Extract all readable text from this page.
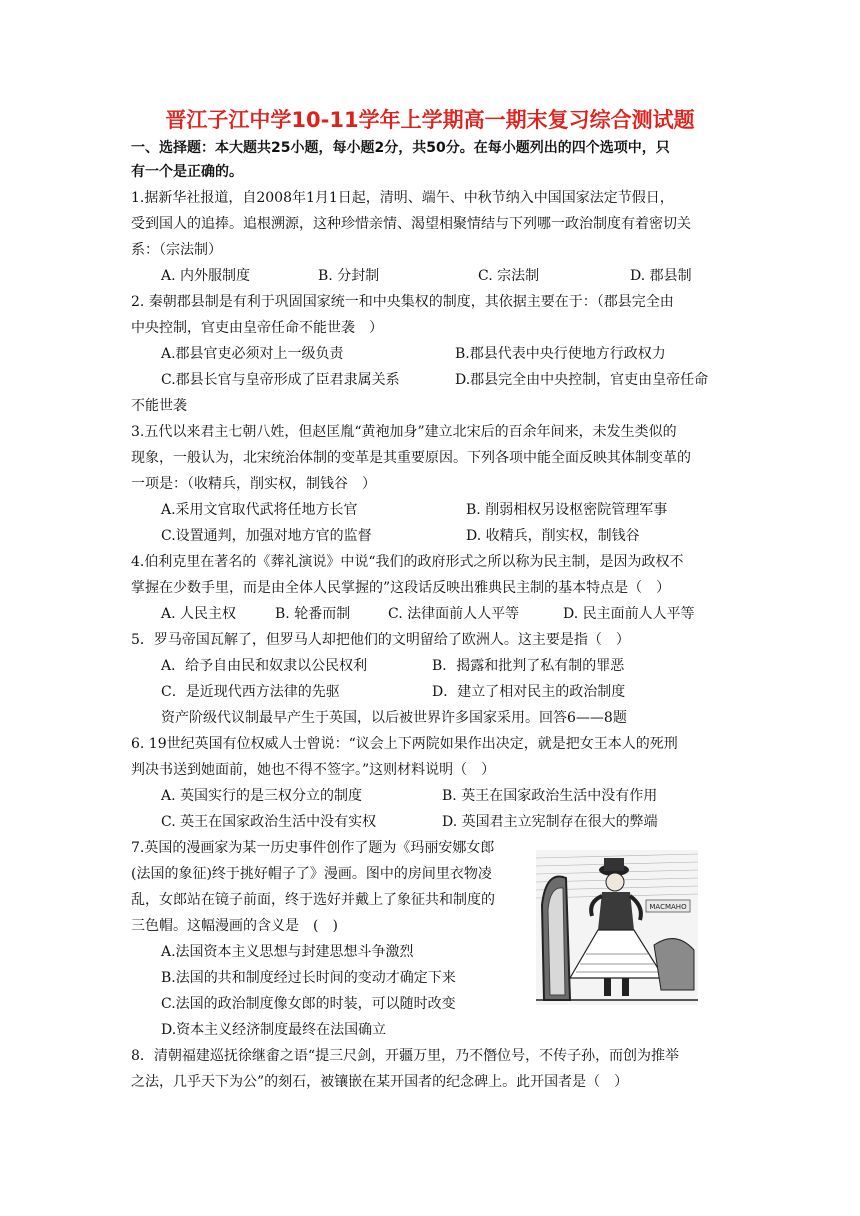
晋江子江中学10-11学年上学期高一期末复习综合测试题
一、选择题：本大题共25小题，每小题2分，共50分。在每小题列出的四个选项中，只
有一个是正确的。
1.据新华社报道，自2008年1月1日起，清明、端午、中秋节纳入中国国家法定节假日，
受到国人的追捧。追根溯源，这种珍惜亲情、渴望相聚情结与下列哪一政治制度有着密切关
系：（宗法制）
A. 内外服制度	B. 分封制	C. 宗法制	D. 郡县制
2. 秦朝郡县制是有利于巩固国家统一和中央集权的制度，其依据主要在于：（郡县完全由
中央控制，官吏由皇帝任命不能世袭　）
A.郡县官吏必须对上一级负责	B.郡县代表中央行使地方行政权力
C.郡县长官与皇帝形成了臣君隶属关系	D.郡县完全由中央控制，官吏由皇帝任命
不能世袭
3.五代以来君主七朝八姓，但赵匡胤“黄袍加身”建立北宋后的百余年间来，未发生类似的
现象，一般认为，北宋统治体制的变革是其重要原因。下列各项中能全面反映其体制变革的
一项是：（收精兵，削实权，制钱谷　）
A.采用文官取代武将任地方长官	B. 削弱相权另设枢密院管理军事
C.设置通判，加强对地方官的监督	D. 收精兵，削实权，制钱谷
4.伯利克里在著名的《葬礼演说》中说“我们的政府形式之所以称为民主制，是因为政权不
掌握在少数手里，而是由全体人民掌握的”这段话反映出雅典民主制的基本特点是（　）
A. 人民主权	B. 轮番而制	C. 法律面前人人平等	D. 民主面前人人平等
5．罗马帝国瓦解了，但罗马人却把他们的文明留给了欧洲人。这主要是指（　）
A．给予自由民和奴隶以公民权利	B．揭露和批判了私有制的罪恶
C．是近现代西方法律的先驱	D．建立了相对民主的政治制度
资产阶级代议制最早产生于英国，以后被世界许多国家采用。回答6——8题
6. 19世纪英国有位权威人士曾说：“议会上下两院如果作出决定，就是把女王本人的死刑
判决书送到她面前，她也不得不签字。”这则材料说明（　）
A. 英国实行的是三权分立的制度	B. 英王在国家政治生活中没有作用
C. 英王在国家政治生活中没有实权	D. 英国君主立宪制存在很大的弊端
7.英国的漫画家为某一历史事件创作了题为《玛丽安娜女郎
(法国的象征)终于挑好帽子了》漫画。图中的房间里衣物凌
乱，女郎站在镜子前面，终于选好并戴上了象征共和制度的
三色帽。这幅漫画的含义是　(　)
A.法国资本主义思想与封建思想斗争激烈
B.法国的共和制度经过长时间的变动才确定下来
C.法国的政治制度像女郎的时装，可以随时改变
D.资本主义经济制度最终在法国确立
MACMAHO
8．清朝福建巡抚徐继畬之语“提三尺剑，开疆万里，乃不僭位号，不传子孙，而创为推举
之法，几乎天下为公”的刻石，被镶嵌在某开国者的纪念碑上。此开国者是（　）
